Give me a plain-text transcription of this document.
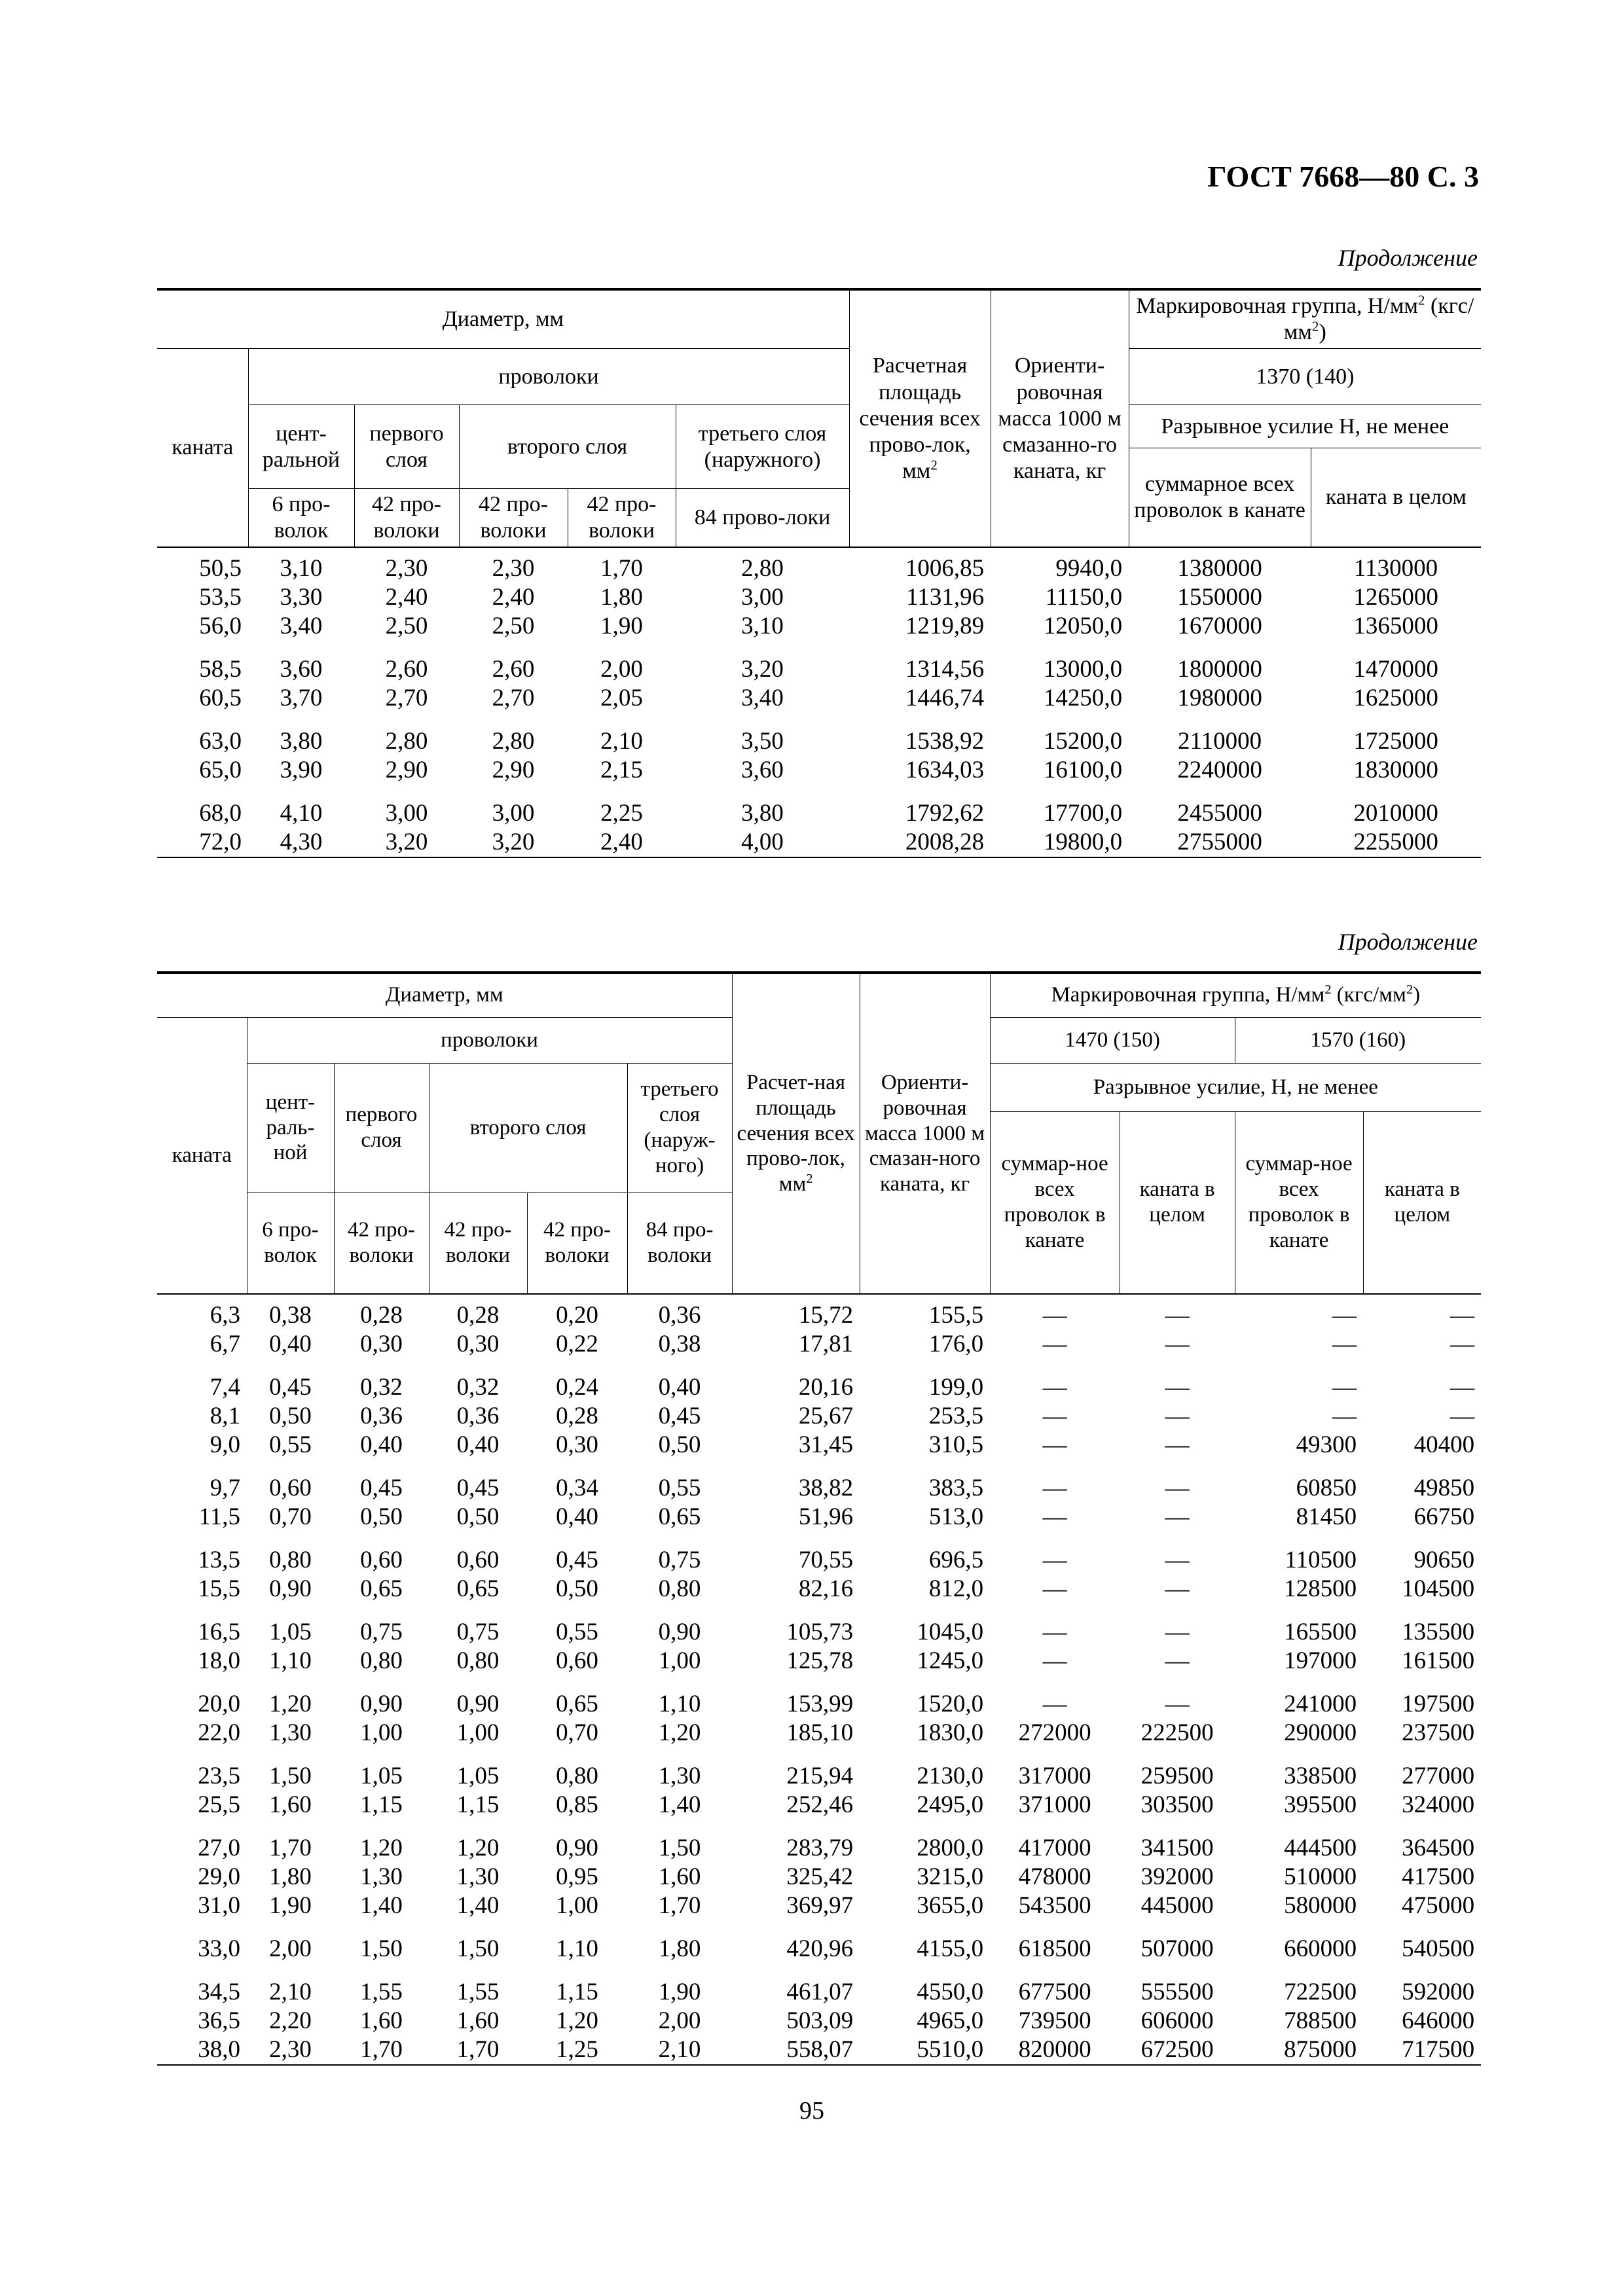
ГОСТ 7668—80 С. 3
Продолжение
Диаметр, мм						Расчетная площадь сечения всех прово-лок, $мм^2$	Ориенти-ровочная масса 1000 м смазанно-го каната, кг	Маркировочная группа, $Н/мм^2$ $(кгс/мм^2)$	
каната	проволоки							1370 (140)	
	цент-ральной	первого слоя	второго слоя		третьего слоя (наружного)			Разрывное усилие Н, не менее	
								суммарное всех проволок в канате	каната в целом
	6 про-волок	42 про-волоки	42 про-волоки	42 про-волоки	84 прово-локи				
50,5	3,10	2,30	2,30	1,70	2,80	1006,85	9940,0	1380000	1130000
53,5	3,30	2,40	2,40	1,80	3,00	1131,96	11150,0	1550000	1265000
56,0	3,40	2,50	2,50	1,90	3,10	1219,89	12050,0	1670000	1365000
58,5	3,60	2,60	2,60	2,00	3,20	1314,56	13000,0	1800000	1470000
60,5	3,70	2,70	2,70	2,05	3,40	1446,74	14250,0	1980000	1625000
63,0	3,80	2,80	2,80	2,10	3,50	1538,92	15200,0	2110000	1725000
65,0	3,90	2,90	2,90	2,15	3,60	1634,03	16100,0	2240000	1830000
68,0	4,10	3,00	3,00	2,25	3,80	1792,62	17700,0	2455000	2010000
72,0	4,30	3,20	3,20	2,40	4,00	2008,28	19800,0	2755000	2255000

Продолжение
Диаметр, мм						Расчет-ная площадь сечения всех прово-лок, $мм^2$	Ориенти-ровочная масса 1000 м смазан-ного каната, кг	Маркировочная группа, $Н/мм^2$ $(кгс/мм^2)$			
каната	проволоки							1470 (150)		1570 (160)	
	цент-раль-ной	первого слоя	второго слоя		третьего слоя (наруж-ного)			Разрывное усилие, Н, не менее			
								суммар-ное всех проволок в канате	каната в целом	суммар-ное всех проволок в канате	каната в целом
	6 про-волок	42 про-волоки	42 про-волоки	42 про-волоки	84 про-волоки						
6,3	0,38	0,28	0,28	0,20	0,36	15,72	155,5	—	—	—	—
6,7	0,40	0,30	0,30	0,22	0,38	17,81	176,0	—	—	—	—
7,4	0,45	0,32	0,32	0,24	0,40	20,16	199,0	—	—	—	—
8,1	0,50	0,36	0,36	0,28	0,45	25,67	253,5	—	—	—	—
9,0	0,55	0,40	0,40	0,30	0,50	31,45	310,5	—	—	49300	40400
9,7	0,60	0,45	0,45	0,34	0,55	38,82	383,5	—	—	60850	49850
11,5	0,70	0,50	0,50	0,40	0,65	51,96	513,0	—	—	81450	66750
13,5	0,80	0,60	0,60	0,45	0,75	70,55	696,5	—	—	110500	90650
15,5	0,90	0,65	0,65	0,50	0,80	82,16	812,0	—	—	128500	104500
16,5	1,05	0,75	0,75	0,55	0,90	105,73	1045,0	—	—	165500	135500
18,0	1,10	0,80	0,80	0,60	1,00	125,78	1245,0	—	—	197000	161500
20,0	1,20	0,90	0,90	0,65	1,10	153,99	1520,0	—	—	241000	197500
22,0	1,30	1,00	1,00	0,70	1,20	185,10	1830,0	272000	222500	290000	237500
23,5	1,50	1,05	1,05	0,80	1,30	215,94	2130,0	317000	259500	338500	277000
25,5	1,60	1,15	1,15	0,85	1,40	252,46	2495,0	371000	303500	395500	324000
27,0	1,70	1,20	1,20	0,90	1,50	283,79	2800,0	417000	341500	444500	364500
29,0	1,80	1,30	1,30	0,95	1,60	325,42	3215,0	478000	392000	510000	417500
31,0	1,90	1,40	1,40	1,00	1,70	369,97	3655,0	543500	445000	580000	475000
33,0	2,00	1,50	1,50	1,10	1,80	420,96	4155,0	618500	507000	660000	540500
34,5	2,10	1,55	1,55	1,15	1,90	461,07	4550,0	677500	555500	722500	592000
36,5	2,20	1,60	1,60	1,20	2,00	503,09	4965,0	739500	606000	788500	646000
38,0	2,30	1,70	1,70	1,25	2,10	558,07	5510,0	820000	672500	875000	717500

95
